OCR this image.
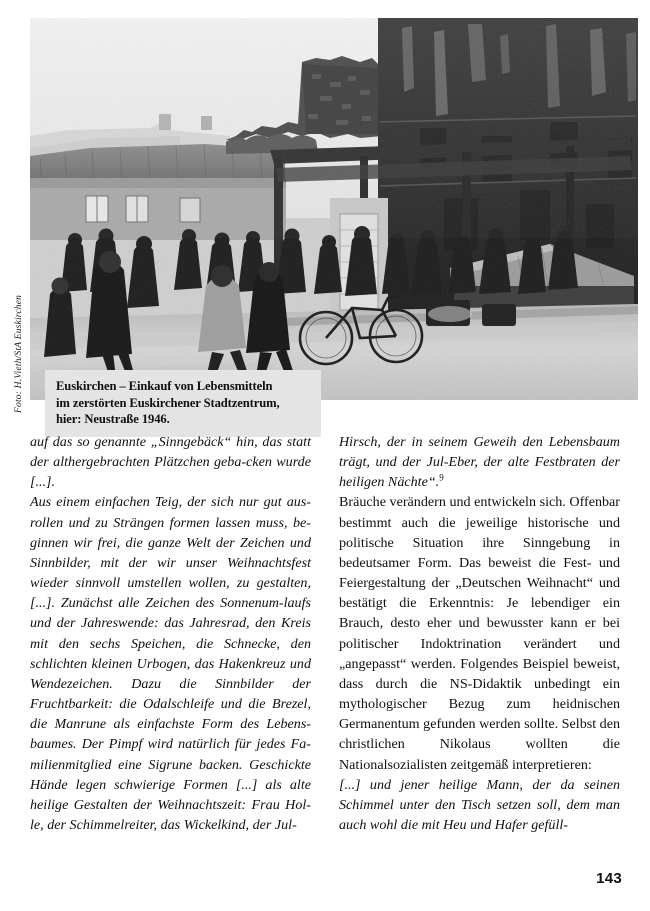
Foto: H.Vieth/StA Euskirchen	Euskirchen – Einkauf von Lebensmitteln
im zerstörten Euskirchener Stadtzentrum,
hier: Neustraße 1946.

auf das so genannte „Sinngebäck“ hin, das statt der althergebrachten Plätzchen geba-cken wurde [...].

Aus einem einfachen Teig, der sich nur gut aus-rollen und zu Strängen formen lassen muss, be-ginnen wir frei, die ganze Welt der Zeichen und Sinnbilder, mit der wir unser Weihnachtsfest wieder sinnvoll umstellen wollen, zu gestalten, [...]. Zunächst alle Zeichen des Sonnenum-laufs und der Jahreswende: das Jahresrad, den Kreis mit den sechs Speichen, die Schnecke, den schlichten kleinen Urbogen, das Hakenkreuz und Wendezeichen. Dazu die Sinnbilder der Fruchtbarkeit: die Odalschleife und die Brezel, die Manrune als einfachste Form des Lebens-baumes. Der Pimpf wird natürlich für jedes Fa-milienmitglied eine Sigrune backen. Geschickte Hände legen schwierige Formen [...] als alte heilige Gestalten der Weihnachtszeit: Frau Hol-le, der Schimmelreiter, das Wickelkind, der Jul-

Hirsch, der in seinem Geweih den Lebensbaum trägt, und der Jul-Eber, der alte Festbraten der heiligen Nächte“.$^9$

Bräuche verändern und entwickeln sich. Offenbar bestimmt auch die jeweilige historische und politische Situation ihre Sinngebung in bedeutsamer Form. Das beweist die Fest- und Feiergestaltung der „Deutschen Weihnacht“ und bestätigt die Erkenntnis: Je lebendiger ein Brauch, desto eher und bewusster kann er bei politischer Indoktrination verändert und „angepasst“ werden. Folgendes Beispiel beweist, dass durch die NS-Didaktik unbedingt ein mythologischer Bezug zum heidnischen Germanentum gefunden werden sollte. Selbst den christlichen Nikolaus wollten die Nationalsozialisten zeitgemäß interpretieren:

[...] und jener heilige Mann, der da seinen Schimmel unter den Tisch setzen soll, dem man auch wohl die mit Heu und Hafer gefüll-

143
